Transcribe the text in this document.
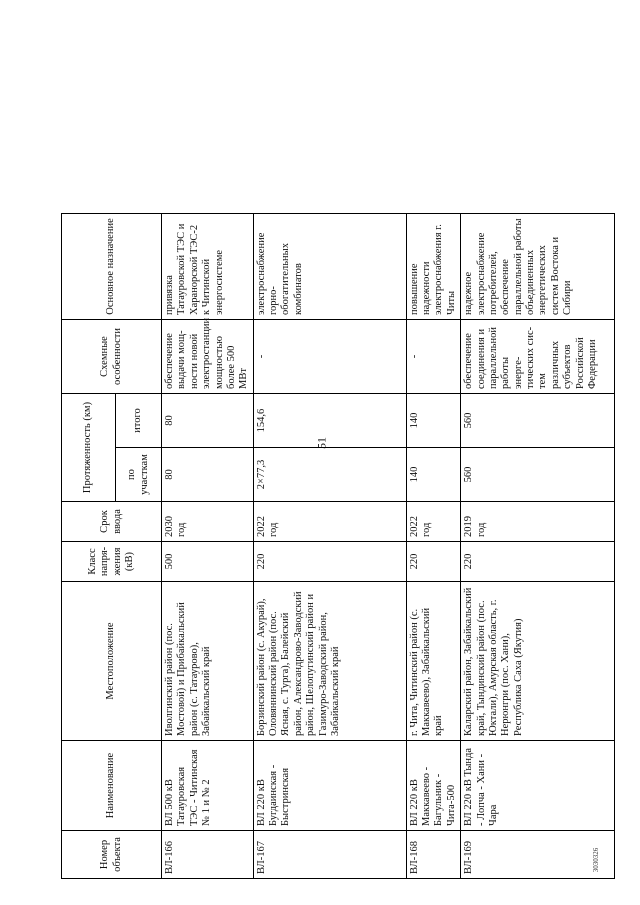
51
3030326
Номер объекта	Наименование	Местоположение	Класс напря-жения (кВ)	Срок ввода	Протяженность (км)		Схемные особенности	Основное назначение
					по участкам	итого		
ВЛ-166	ВЛ 500 кВ Татауровская ТЭС - Читинская № 1 и № 2	Иволгинский район (пос. Мостовой) и Прибайкальский район (с. Татаурово), Забайкальский край	500	2030 год	80	80	обеспечение выдачи мощ-ности новой электростанции мощностью более 500 МВт	привязка Татауровской ТЭС и Харанорской ТЭС-2 к Читинской энергосистеме
ВЛ-167	ВЛ 220 кВ Бугдаинская - Быстринская	Борзинский район (с. Акурай), Оловяннинский район (пос. Ясная, с. Турга), Балейский район, Александрово-Заводский район, Шелопугинский район и Газимуро-Заводский район, Забайкальский край	220	2022 год	2×77,3	154,6	-	электроснабжение горно-обогатительных комбинатов
ВЛ-168	ВЛ 220 кВ Маккавеево - Багульник - Чита-500	г. Чита, Читинский район (с. Маккавеево), Забайкальский край	220	2022 год	140	140	-	повышение надежности электроснабжения г. Читы
ВЛ-169	ВЛ 220 кВ Тында - Лопча - Хани - Чара	Каларский район, Забайкальский край, Тындинский район (пос. Юктали), Амурская область, г. Нерюнгри (пос. Хани), Республика Саха (Якутия)	220	2019 год	560	560	обеспечение соединения и параллельной работы энерге-тических сис-тем различных субъектов Российской Федерации	надежное электроснабжение потребителей, обеспечение параллельной работы объединенных энергетических систем Востока и Сибири
